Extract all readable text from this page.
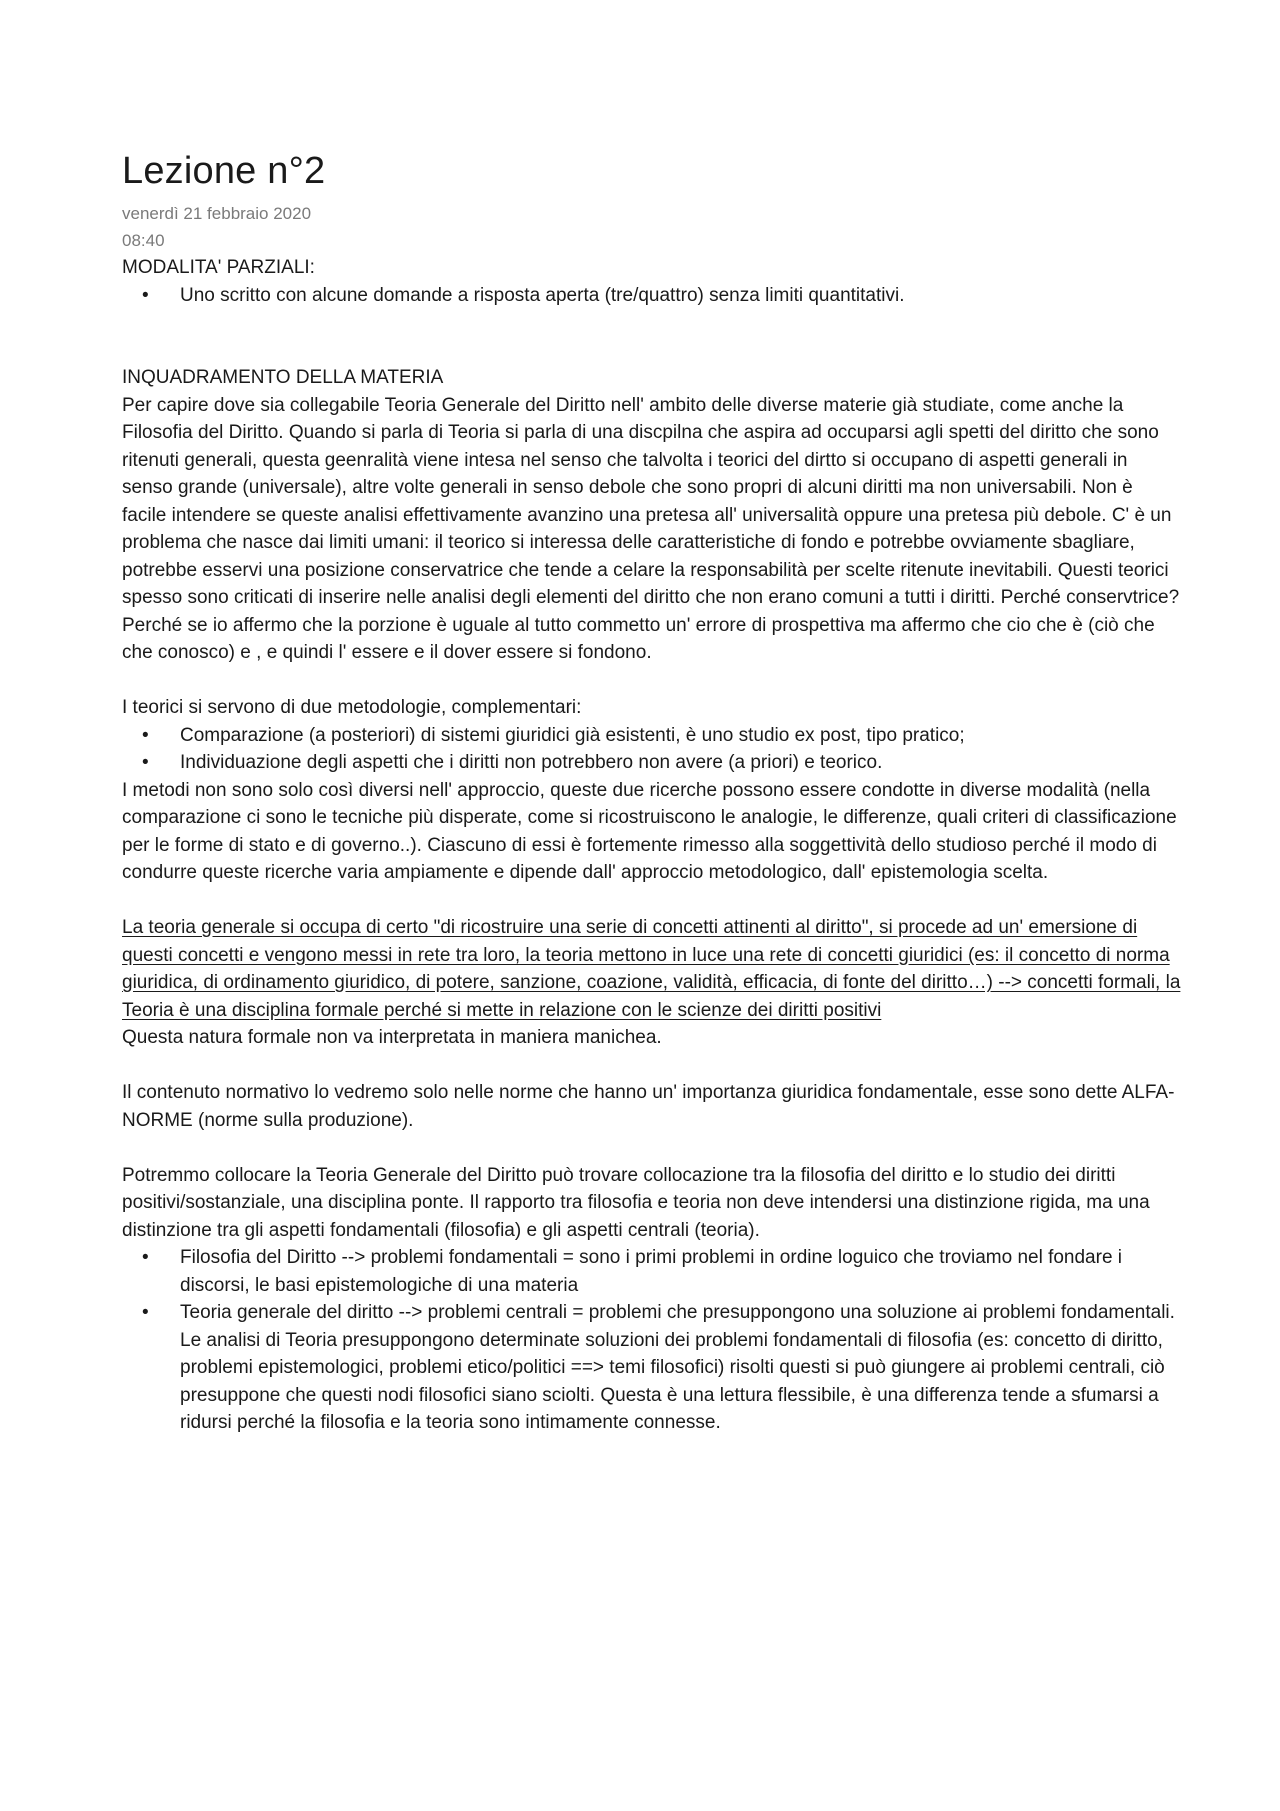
Lezione n°2
venerdì 21 febbraio 2020
08:40
MODALITA' PARZIALI:
• Uno scritto con alcune domande a risposta aperta (tre/quattro) senza limiti quantitativi.
INQUADRAMENTO DELLA MATERIA

Per capire dove sia collegabile Teoria Generale del Diritto nell' ambito delle diverse materie già studiate, come anche la Filosofia del Diritto. Quando si parla di Teoria si parla di una discpilna che aspira ad occuparsi agli spetti del diritto che sono ritenuti generali, questa geenralità viene intesa nel senso che talvolta i teorici del dirtto si occupano di aspetti generali in senso grande (universale), altre volte generali in senso debole che sono propri di alcuni diritti ma non universabili. Non è facile intendere se queste analisi effettivamente avanzino una pretesa all' universalità oppure una pretesa più debole. C' è un problema che nasce dai limiti umani: il teorico si interessa delle caratteristiche di fondo e potrebbe ovviamente sbagliare, potrebbe esservi una posizione conservatrice che tende a celare la responsabilità per scelte ritenute inevitabili. Questi teorici spesso sono criticati di inserire nelle analisi degli elementi del diritto che non erano comuni a tutti i diritti. Perché conservtrice? Perché se io affermo che la porzione è uguale al tutto commetto un' errore di prospettiva ma affermo che cio che è (ciò che che conosco) e , e quindi l' essere e il dover essere si fondono.

I teorici si servono di due metodologie, complementari:

• Comparazione (a posteriori) di sistemi giuridici già esistenti, è uno studio ex post, tipo pratico;
• Individuazione degli aspetti che i diritti non potrebbero non avere (a priori) e teorico.

I metodi non sono solo così diversi nell' approccio, queste due ricerche possono essere condotte in diverse modalità (nella comparazione ci sono le tecniche più disperate, come si ricostruiscono le analogie, le differenze, quali criteri di classificazione per le forme di stato e di governo..). Ciascuno di essi è fortemente rimesso alla soggettività dello studioso perché il modo di condurre queste ricerche varia ampiamente e dipende dall' approccio metodologico, dall' epistemologia scelta.

La teoria generale si occupa di certo "di ricostruire una serie di concetti attinenti al diritto", si procede ad un' emersione di questi concetti e vengono messi in rete tra loro, la teoria mettono in luce una rete di concetti giuridici (es: il concetto di norma giuridica, di ordinamento giuridico, di potere, sanzione, coazione, validità, efficacia, di fonte del diritto…) --> concetti formali, la Teoria è una disciplina formale perché si mette in relazione con le scienze dei diritti positivi

Questa natura formale non va interpretata in maniera manichea.

Il contenuto normativo lo vedremo solo nelle norme che hanno un' importanza giuridica fondamentale, esse sono dette ALFA-NORME (norme sulla produzione).

Potremmo collocare la Teoria Generale del Diritto può trovare collocazione tra la filosofia del diritto e lo studio dei diritti positivi/sostanziale, una disciplina ponte. Il rapporto tra filosofia e teoria non deve intendersi una distinzione rigida, ma una distinzione tra gli aspetti fondamentali (filosofia) e gli aspetti centrali (teoria).

• Filosofia del Diritto --> problemi fondamentali = sono i primi problemi in ordine loguico che troviamo nel fondare i discorsi, le basi epistemologiche di una materia
• Teoria generale del diritto --> problemi centrali = problemi che presuppongono una soluzione ai problemi fondamentali. Le analisi di Teoria presuppongono determinate soluzioni dei problemi fondamentali di filosofia (es: concetto di diritto, problemi epistemologici, problemi etico/politici ==> temi filosofici) risolti questi si può giungere ai problemi centrali, ciò presuppone che questi nodi filosofici siano sciolti. Questa è una lettura flessibile, è una differenza tende a sfumarsi a ridursi perché la filosofia e la teoria sono intimamente connesse.
